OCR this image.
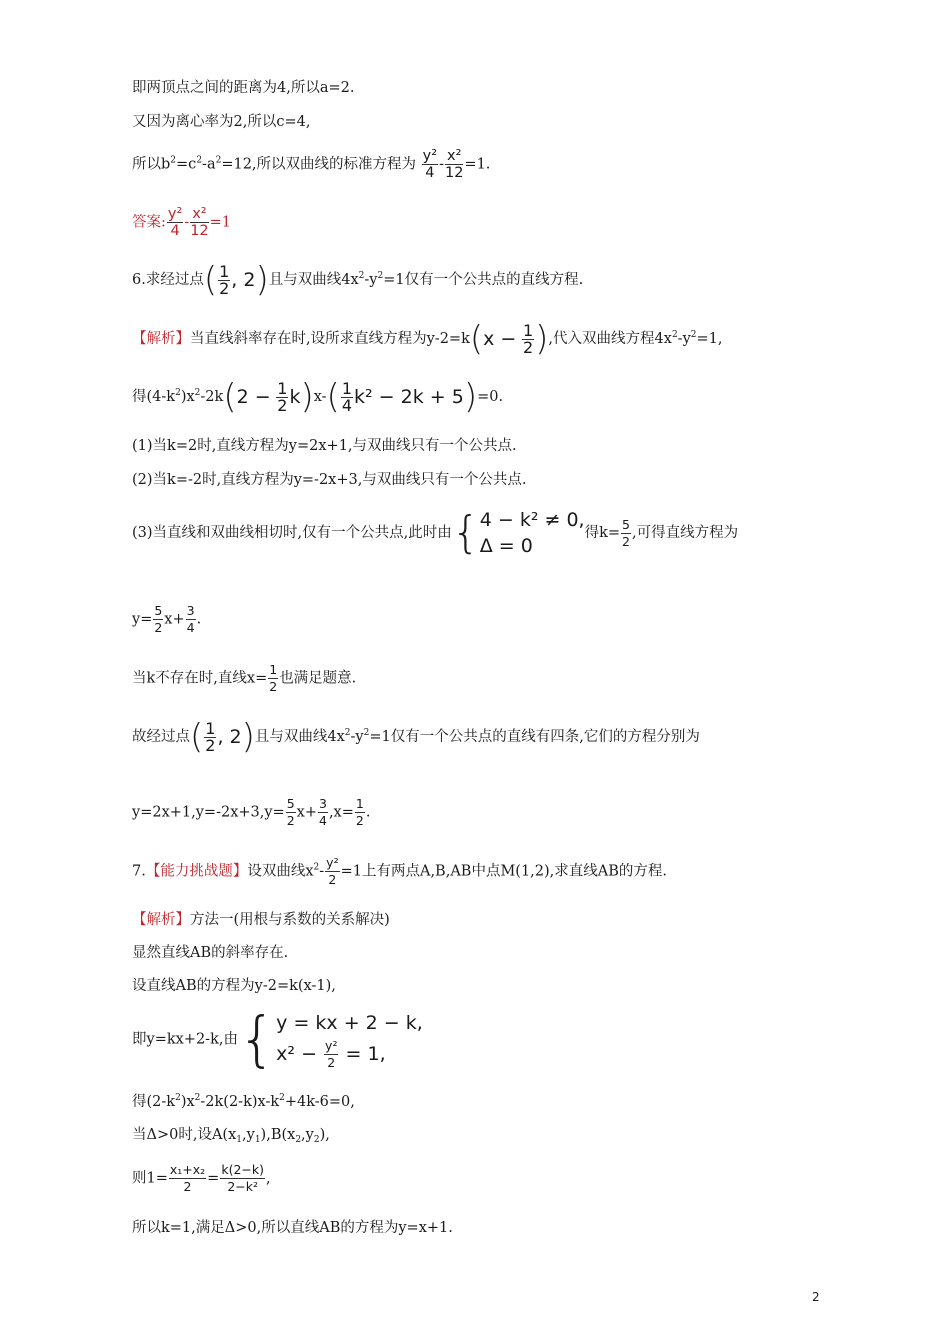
即两顶点之间的距离为4,所以a=2.
又因为离心率为2,所以c=4,
所以$b^2=c^2-a^2=12$,所以双曲线的标准方程为 $\frac{\text{y²}}{4} - \frac{\text{x²}}{12} =1$.
答案: $\frac{\text{y²}}{4} - \frac{\text{x²}}{12} =1$
6.求经过点( $\frac{1}{2}$ , 2)且与双曲线$4x^2-y^2=1$仅有一个公共点的直线方程.
【解析】当直线斜率存在时,设所求直线方程为$y-2=k(x - \frac{1}{2}$ ),代入双曲线方程$4x^2-y^2=1$,
得$(4-k^2)x^2-2k(2 - \frac{1}{2} k)x-( \frac{1}{4} k^2 - 2k + 5)=0$.
(1)当k=2时,直线方程为y=2x+1,与双曲线只有一个公共点.
(2)当k=-2时,直线方程为y=-2x+3,与双曲线只有一个公共点.
(3)当直线和双曲线相切时,仅有一个公共点,此时由{ 4 − k² ≠ 0,
Δ = 0
得$k= \frac{5}{2}$ ,可得直线方程为
$y= \frac{5}{2} x+ \frac{3}{4}$ .
当k不存在时,直线$x= \frac{1}{2}$ 也满足题意.
故经过点( $\frac{1}{2}$ , 2)且与双曲线$4x^2-y^2=1$仅有一个公共点的直线有四条,它们的方程分别为
$y=2x+1,y=-2x+3,y= \frac{5}{2} x+ \frac{3}{4} ,x= \frac{1}{2}$ .
7.【能力挑战题】设双曲线$x^2- \frac{\text{y²}}{2} =1$上有两点A,B,AB中点M(1,2),求直线AB的方程.
【解析】方法一(用根与系数的关系解决)
显然直线AB的斜率存在.
设直线AB的方程为y-2=k(x-1),
即y=kx+2-k,由{ y = kx + 2 − k,
$x^2 - \frac{\text{y²}}{2} = 1$,
得$(2-k^2)x^2-2k(2-k)x-k^2+4k-6=0$,
当Δ>0时,设$A(x_1,y_1),B(x_2,y_2)$,
则$1= \frac{\text{x₁+x₂}}{2} = \frac{k(2-k)}{\text{2−k²}}$ ,
所以k=1,满足Δ>0,所以直线AB的方程为y=x+1.
2
